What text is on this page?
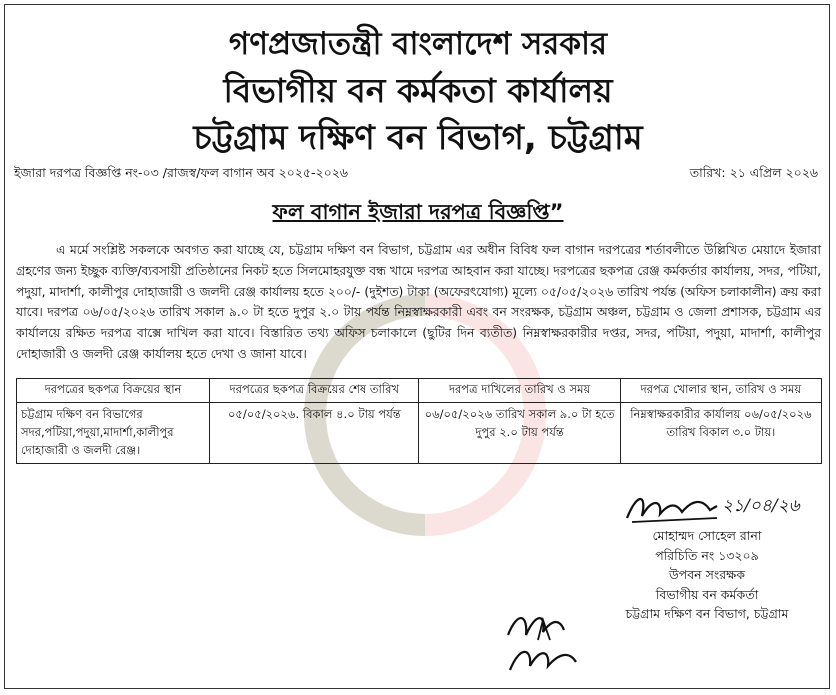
গণপ্রজাতন্ত্রী বাংলাদেশ সরকার
বিভাগীয় বন কর্মকতা কার্যালয়
চট্টগ্রাম দক্ষিণ বন বিভাগ, চট্টগ্রাম
ইজারা দরপত্র বিজ্ঞপ্তি নং-০৩ /রাজস্ব/ফল বাগান অব ২০২৫-২০২৬	তারিখ: ২১ এপ্রিল ২০২৬
ফল বাগান ইজারা দরপত্র বিজ্ঞপ্তি”

এ মর্মে সংশ্লিষ্ট সকলকে অবগত করা যাচ্ছে যে, চট্টগ্রাম দক্ষিণ বন বিভাগ, চট্টগ্রাম এর অধীন বিবিধ ফল বাগান দরপত্রের শর্তাবলীতে উল্লিখিত মেয়াদে ইজারা গ্রহণের জন্য ইচ্ছুক ব্যক্তি/ব্যবসায়ী প্রতিষ্ঠানের নিকট হতে সিলমোহরযুক্ত বন্ধ খামে দরপত্র আহবান করা যাচ্ছে। দরপত্রের ছকপত্র রেঞ্জ কর্মকর্তার কার্যালয়, সদর, পটিয়া, পদুয়া, মাদার্শা, কালীপুর দোহাজারী ও জলদী রেঞ্জ কার্যালয় হতে ২০০/- (দুইশত) টাকা (অফেরৎযোগ্য) মূল্যে ০৫/০৫/২০২৬ তারিখ পর্যন্ত (অফিস চলাকালীন) ক্রয় করা যাবে। দরপত্র ০৬/০৫/২০২৬ তারিখ সকাল ৯.০ টা হতে দুপুর ২.০ টায় পর্যন্ত নিম্নস্বাক্ষরকারী এবং বন সংরক্ষক, চট্টগ্রাম অঞ্চল, চট্টগ্রাম ও জেলা প্রশাসক, চট্টগ্রাম এর কার্যালয়ে রক্ষিত দরপত্র বাক্সে দাখিল করা যাবে। বিস্তারিত তথ্য অফিস চলাকালে (ছুটির দিন ব্যতীত) নিম্নস্বাক্ষরকারীর দপ্তর, সদর, পটিয়া, পদুয়া, মাদার্শা, কালীপুর দোহাজারী ও জলদী রেঞ্জ কার্যালয় হতে দেখা ও জানা যাবে।

দরপত্রের ছকপত্র বিক্রয়ের স্থান	দরপত্রের ছকপত্র বিক্রয়ের শেষ তারিখ	দরপত্র দাখিলের তারিখ ও সময়	দরপত্র খোলার স্থান, তারিখ ও সময়
চট্টগ্রাম দক্ষিণ বন বিভাগের সদর,পটিয়া,পদুয়া,মাদার্শা,কালীপুর দোহাজারী ও জলদী রেঞ্জ।	০৫/০৫/২০২৬. বিকাল ৪.০ টায় পর্যন্ত	০৬/০৫/২০২৬ তারিখ সকাল ৯.০ টা হতে দুপুর ২.০ টায় পর্যন্ত	নিম্নস্বাক্ষরকারীর কার্যালয় ০৬/০৫/২০২৬ তারিখ বিকাল ৩.০ টায়।
২১/০৪/২৬
মোহাম্মদ সোহেল রানা
পরিচিতি নং ১৩২০৯
উপবন সংরক্ষক
বিভাগীয় বন কর্মকর্তা
চট্টগ্রাম দক্ষিণ বন বিভাগ, চট্টগ্রাম
